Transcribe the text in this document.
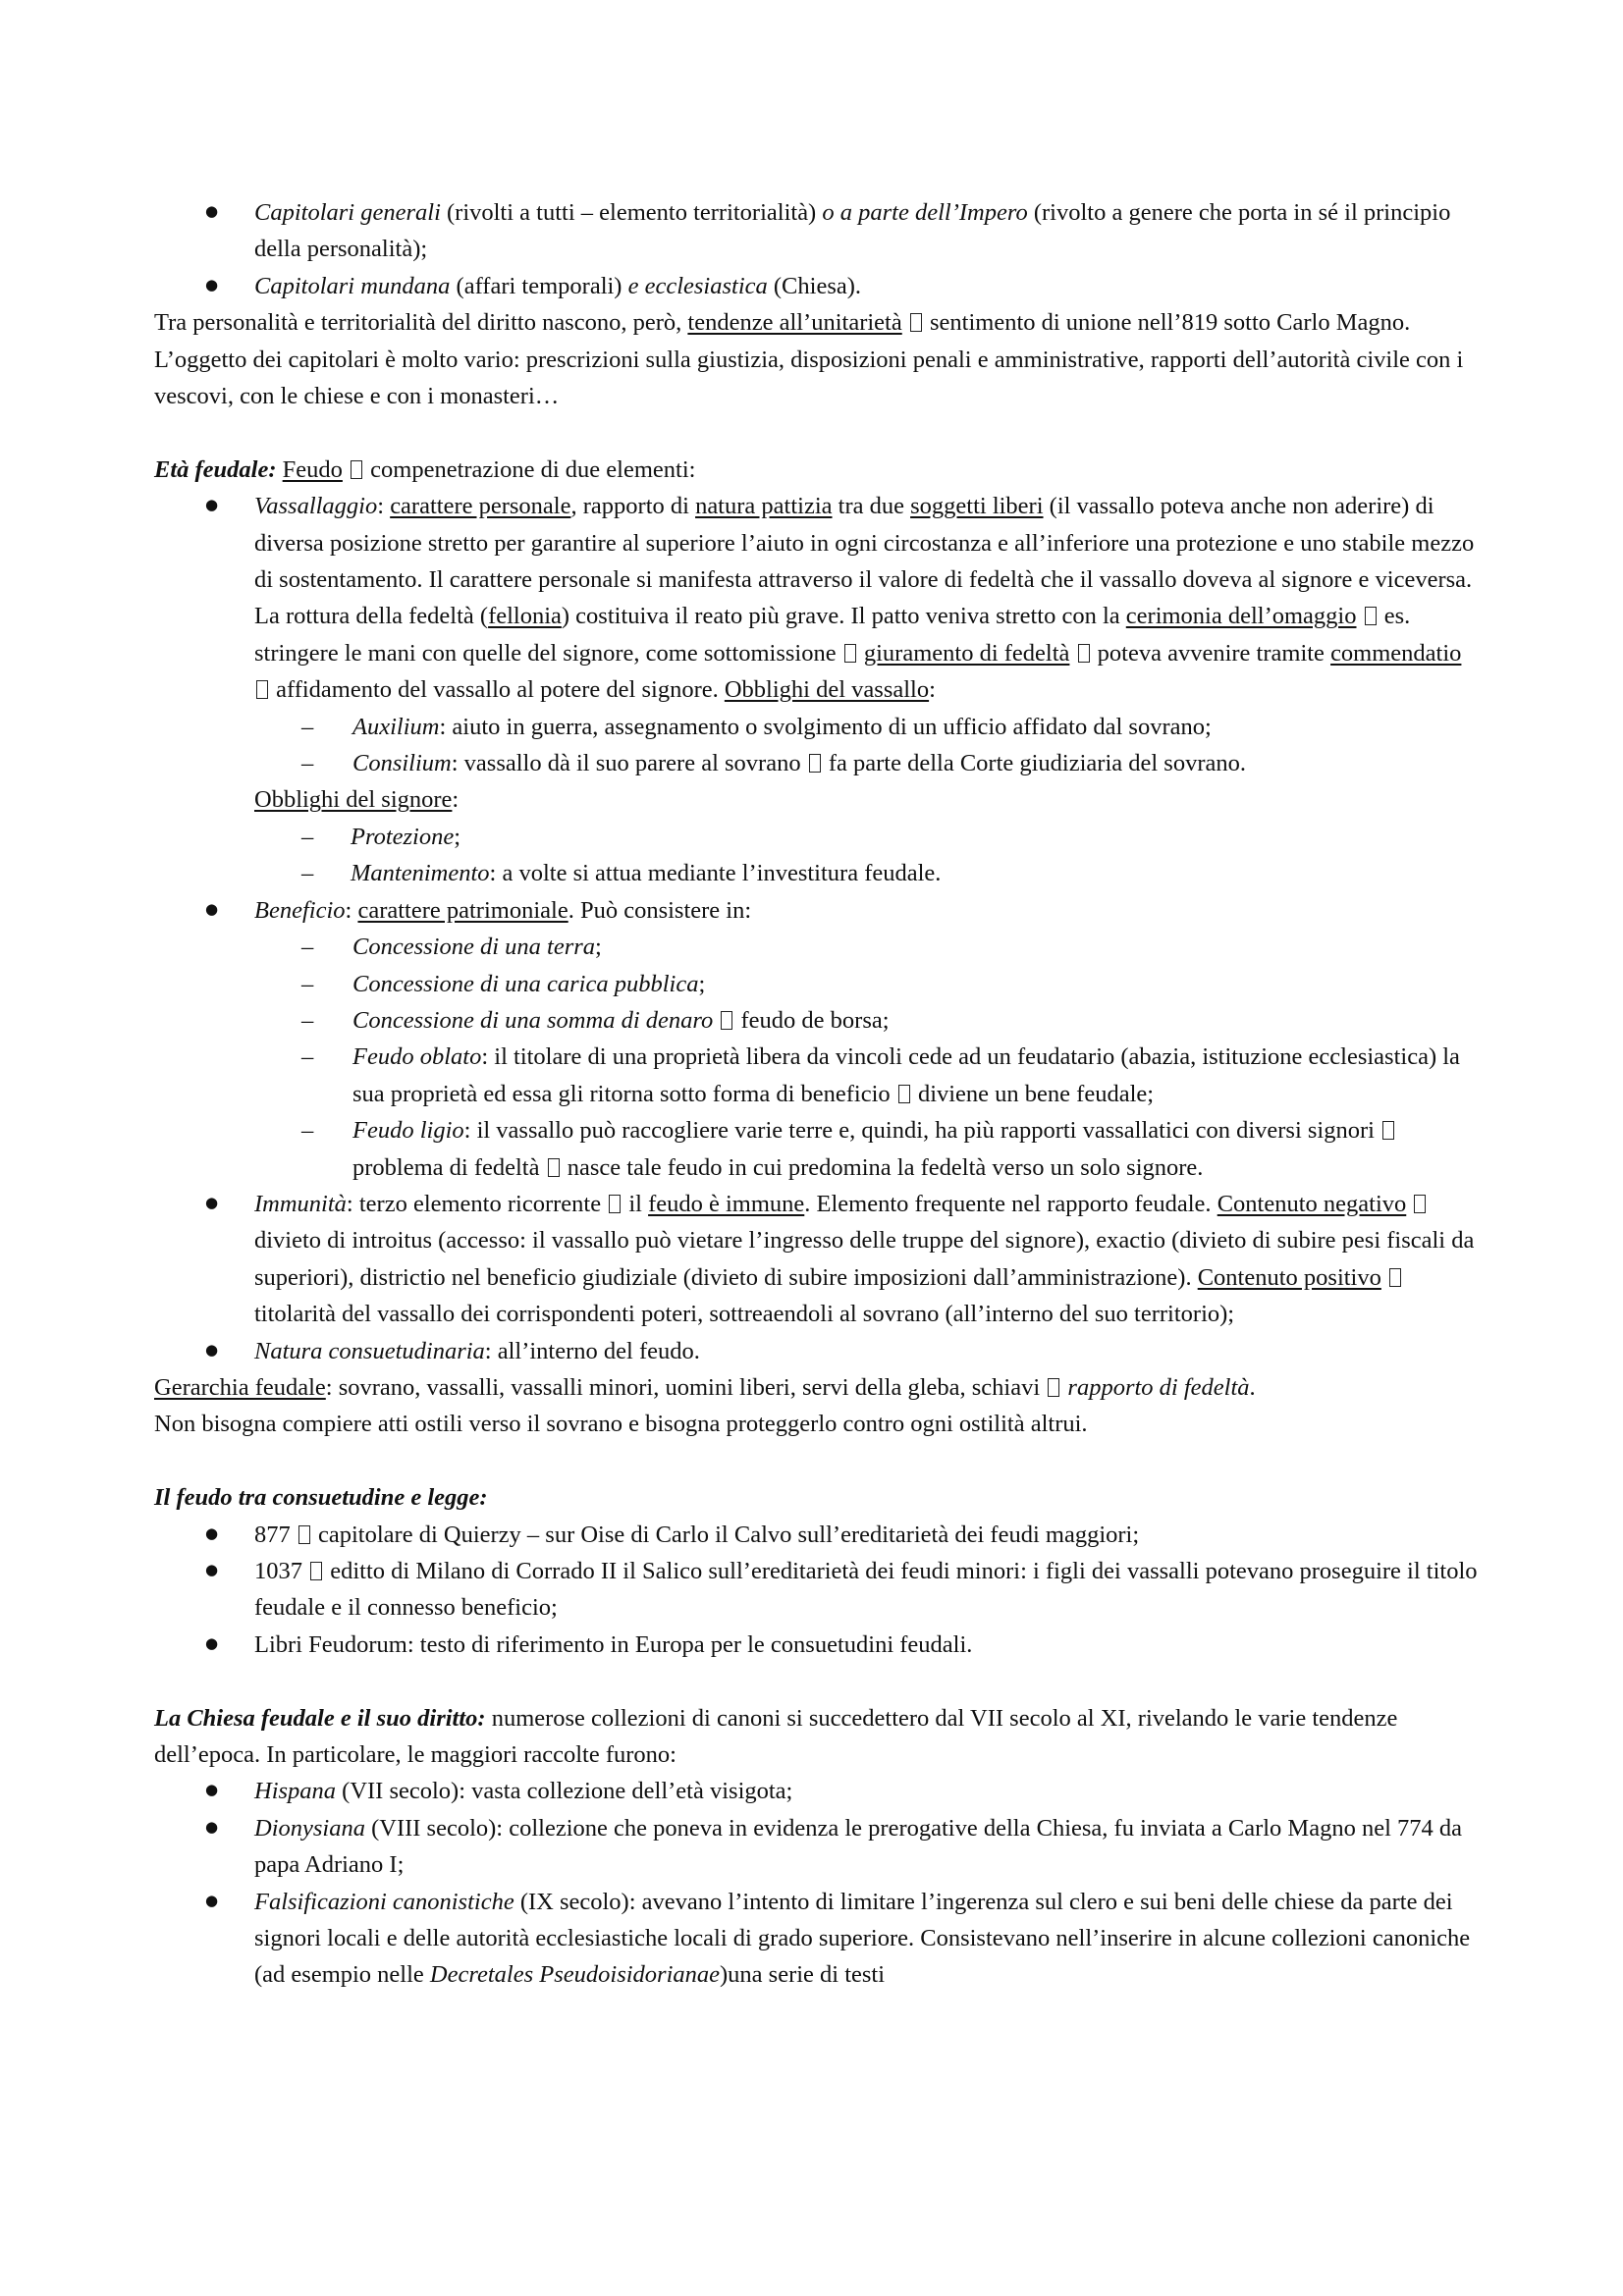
● Capitolari generali (rivolti a tutti – elemento territorialità) o a parte dell’Impero (rivolto a genere che porta in sé il principio della personalità);
● Capitolari mundana (affari temporali) e ecclesiastica (Chiesa).

Tra personalità e territorialità del diritto nascono, però, tendenze all’unitarietà  sentimento di unione nell’819 sotto Carlo Magno. L’oggetto dei capitolari è molto vario: prescrizioni sulla giustizia, disposizioni penali e amministrative, rapporti dell’autorità civile con i vescovi, con le chiese e con i monasteri…

Età feudale: Feudo  compenetrazione di due elementi:

● Vassallaggio: carattere personale, rapporto di natura pattizia tra due soggetti liberi (il vassallo poteva anche non aderire) di diversa posizione stretto per garantire al superiore l’aiuto in ogni circostanza e all’inferiore una protezione e uno stabile mezzo di sostentamento. Il carattere personale si manifesta attraverso il valore di fedeltà che il vassallo doveva al signore e viceversa. La rottura della fedeltà (fellonia) costituiva il reato più grave. Il patto veniva stretto con la cerimonia dell’omaggio  es. stringere le mani con quelle del signore, come sottomissione  giuramento di fedeltà  poteva avvenire tramite commendatio  affidamento del vassallo al potere del signore. Obblighi del vassallo:
– Auxilium: aiuto in guerra, assegnamento o svolgimento di un ufficio affidato dal sovrano;
– Consilium: vassallo dà il suo parere al sovrano  fa parte della Corte giudiziaria del sovrano.

Obblighi del signore:

– Protezione;
– Mantenimento: a volte si attua mediante l’investitura feudale.
● Beneficio: carattere patrimoniale. Può consistere in:
– Concessione di una terra;
– Concessione di una carica pubblica;
– Concessione di una somma di denaro  feudo de borsa;
– Feudo oblato: il titolare di una proprietà libera da vincoli cede ad un feudatario (abazia, istituzione ecclesiastica) la sua proprietà ed essa gli ritorna sotto forma di beneficio  diviene un bene feudale;
– Feudo ligio: il vassallo può raccogliere varie terre e, quindi, ha più rapporti vassallatici con diversi signori  problema di fedeltà  nasce tale feudo in cui predomina la fedeltà verso un solo signore.
● Immunità: terzo elemento ricorrente  il feudo è immune. Elemento frequente nel rapporto feudale. Contenuto negativo  divieto di introitus (accesso: il vassallo può vietare l’ingresso delle truppe del signore), exactio (divieto di subire pesi fiscali da superiori), districtio nel beneficio giudiziale (divieto di subire imposizioni dall’amministrazione). Contenuto positivo  titolarità del vassallo dei corrispondenti poteri, sottreaendoli al sovrano (all’interno del suo territorio);
● Natura consuetudinaria: all’interno del feudo.

Gerarchia feudale: sovrano, vassalli, vassalli minori, uomini liberi, servi della gleba, schiavi  rapporto di fedeltà.

Non bisogna compiere atti ostili verso il sovrano e bisogna proteggerlo contro ogni ostilità altrui.

Il feudo tra consuetudine e legge:

● 877  capitolare di Quierzy – sur Oise di Carlo il Calvo sull’ereditarietà dei feudi maggiori;
● 1037  editto di Milano di Corrado II il Salico sull’ereditarietà dei feudi minori: i figli dei vassalli potevano proseguire il titolo feudale e il connesso beneficio;
● Libri Feudorum: testo di riferimento in Europa per le consuetudini feudali.

La Chiesa feudale e il suo diritto: numerose collezioni di canoni si succedettero dal VII secolo al XI, rivelando le varie tendenze dell’epoca. In particolare, le maggiori raccolte furono:

● Hispana (VII secolo): vasta collezione dell’età visigota;
● Dionysiana (VIII secolo): collezione che poneva in evidenza le prerogative della Chiesa, fu inviata a Carlo Magno nel 774 da papa Adriano I;
● Falsificazioni canonistiche (IX secolo): avevano l’intento di limitare l’ingerenza sul clero e sui beni delle chiese da parte dei signori locali e delle autorità ecclesiastiche locali di grado superiore. Consistevano nell’inserire in alcune collezioni canoniche (ad esempio nelle Decretales Pseudoisidorianae)una serie di testi
